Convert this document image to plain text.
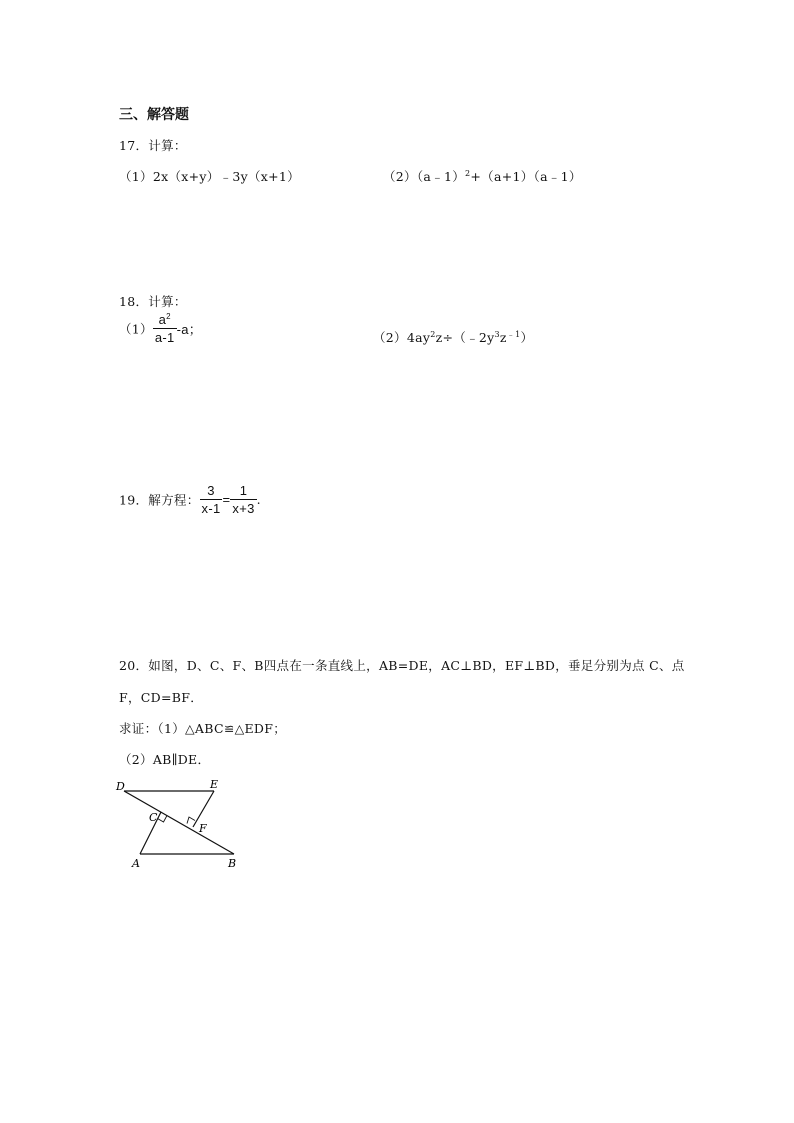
三、解答题
17．计算：
（1）2x（x+y）﹣3y（x+1）	（2）（a﹣1）$^2$+（a+1）（a﹣1）
18．计算：
$(1) \frac{a^2}{a-1} -a$；
$(2)4ay^2z\div(﹣2y^3z^{﹣1})$
19．解方程： $\frac{3}{x-1} = \frac{1}{x+3}$ .
20．如图，D、C、F、B四点在一条直线上，AB=DE，AC⊥BD，EF⊥BD，垂足分别为点 C、点
F，CD=BF．
求证：（1）△ABC≌△EDF；
（2）AB∥DE．
D	E
C
F
A	B
